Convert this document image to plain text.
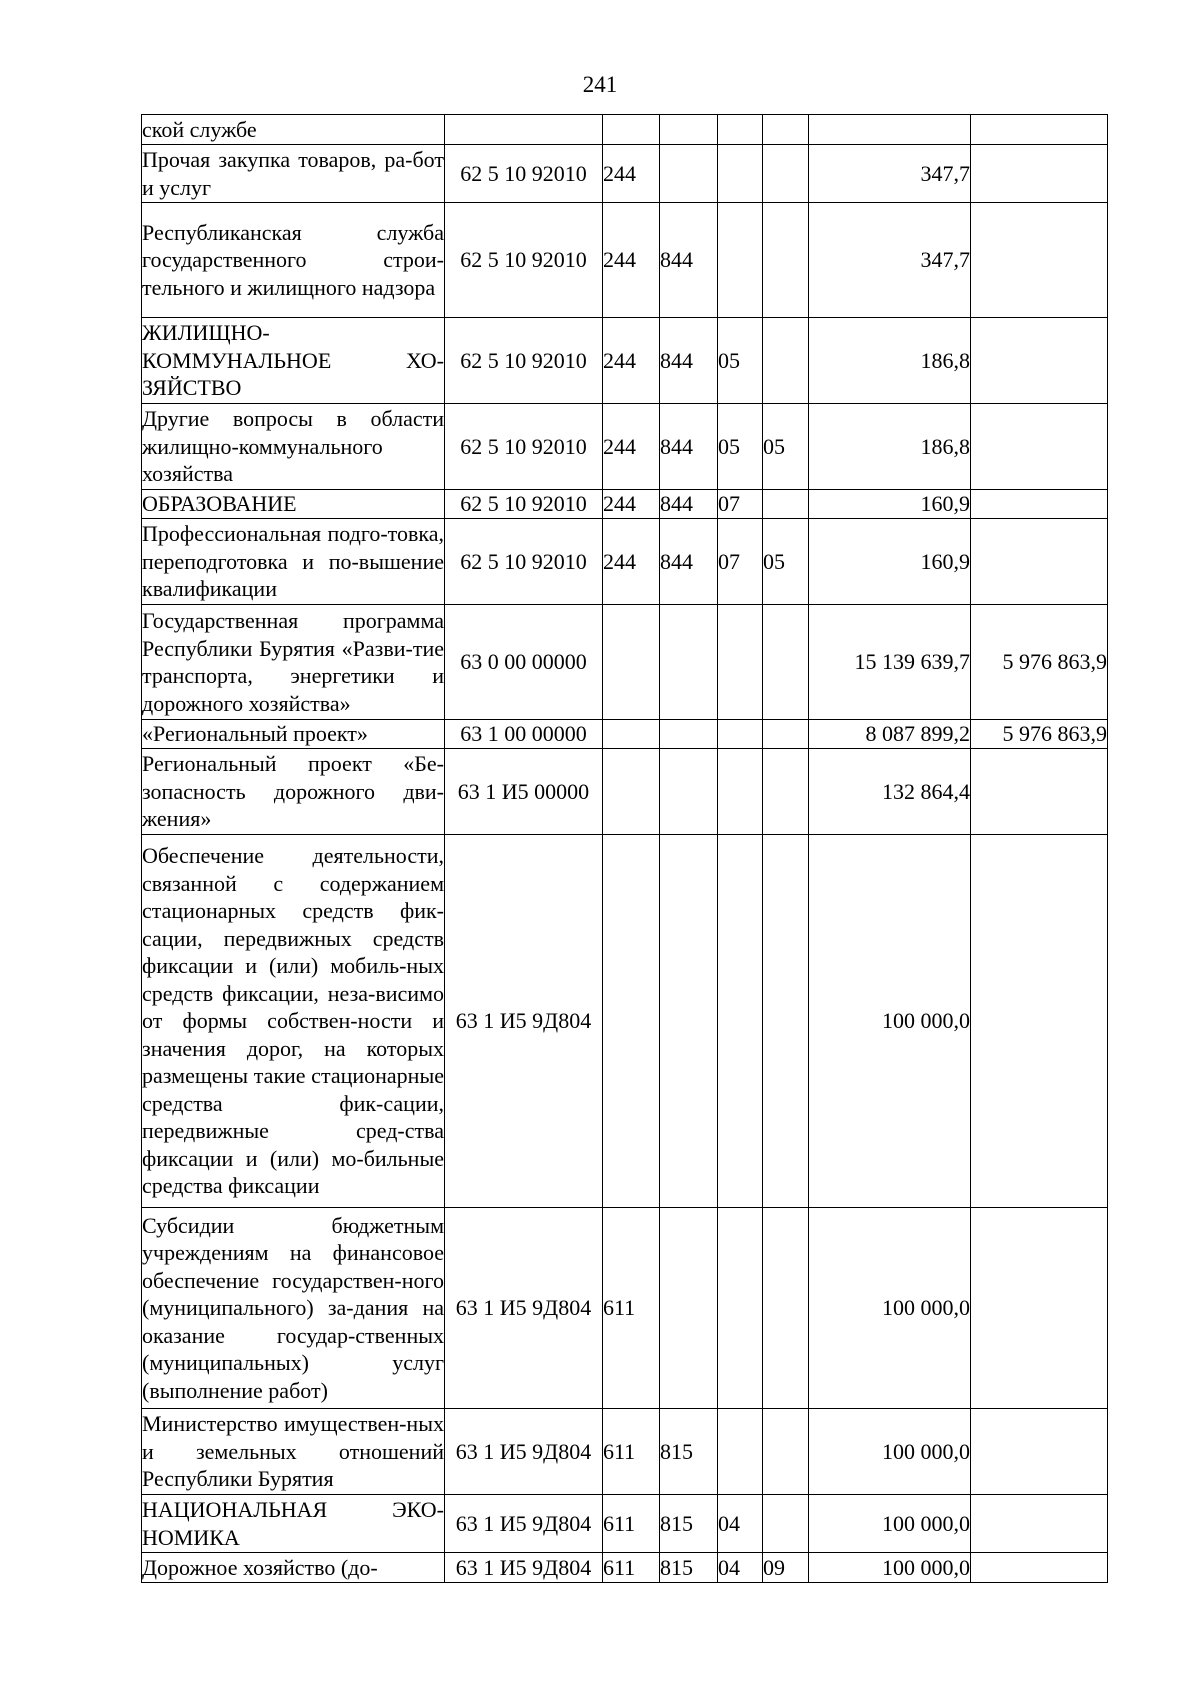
241
ской службе							
Прочая закупка товаров, ра-бот и услуг	62 5 10 92010	244				347,7	
Республиканская служба государственного строи-тельного и жилищного надзора	62 5 10 92010	244	844			347,7	
ЖИЛИЩНО-КОММУНАЛЬНОЕ ХО-ЗЯЙСТВО	62 5 10 92010	244	844	05		186,8	
Другие вопросы в области жилищно-коммунального хозяйства	62 5 10 92010	244	844	05	05	186,8	
ОБРАЗОВАНИЕ	62 5 10 92010	244	844	07		160,9	
Профессиональная подго-товка, переподготовка и по-вышение квалификации	62 5 10 92010	244	844	07	05	160,9	
Государственная программа Республики Бурятия «Разви-тие транспорта, энергетики и дорожного хозяйства»	63 0 00 00000					15 139 639,7	5 976 863,9
«Региональный проект»	63 1 00 00000					8 087 899,2	5 976 863,9
Региональный проект «Бе-зопасность дорожного дви-жения»	63 1 И5 00000					132 864,4	
Обеспечение деятельности, связанной с содержанием стационарных средств фик-сации, передвижных средств фиксации и (или) мобиль-ных средств фиксации, неза-висимо от формы собствен-ности и значения дорог, на которых размещены такие стационарные средства фик-сации, передвижные сред-ства фиксации и (или) мо-бильные средства фиксации	63 1 И5 9Д804					100 000,0	
Субсидии бюджетным учреждениям на финансовое обеспечение государствен-ного (муниципального) за-дания на оказание государ-ственных (муниципальных) услуг (выполнение работ)	63 1 И5 9Д804	611				100 000,0	
Министерство имуществен-ных и земельных отношений Республики Бурятия	63 1 И5 9Д804	611	815			100 000,0	
НАЦИОНАЛЬНАЯ ЭКО-НОМИКА	63 1 И5 9Д804	611	815	04		100 000,0	
Дорожное хозяйство (до-	63 1 И5 9Д804	611	815	04	09	100 000,0	
